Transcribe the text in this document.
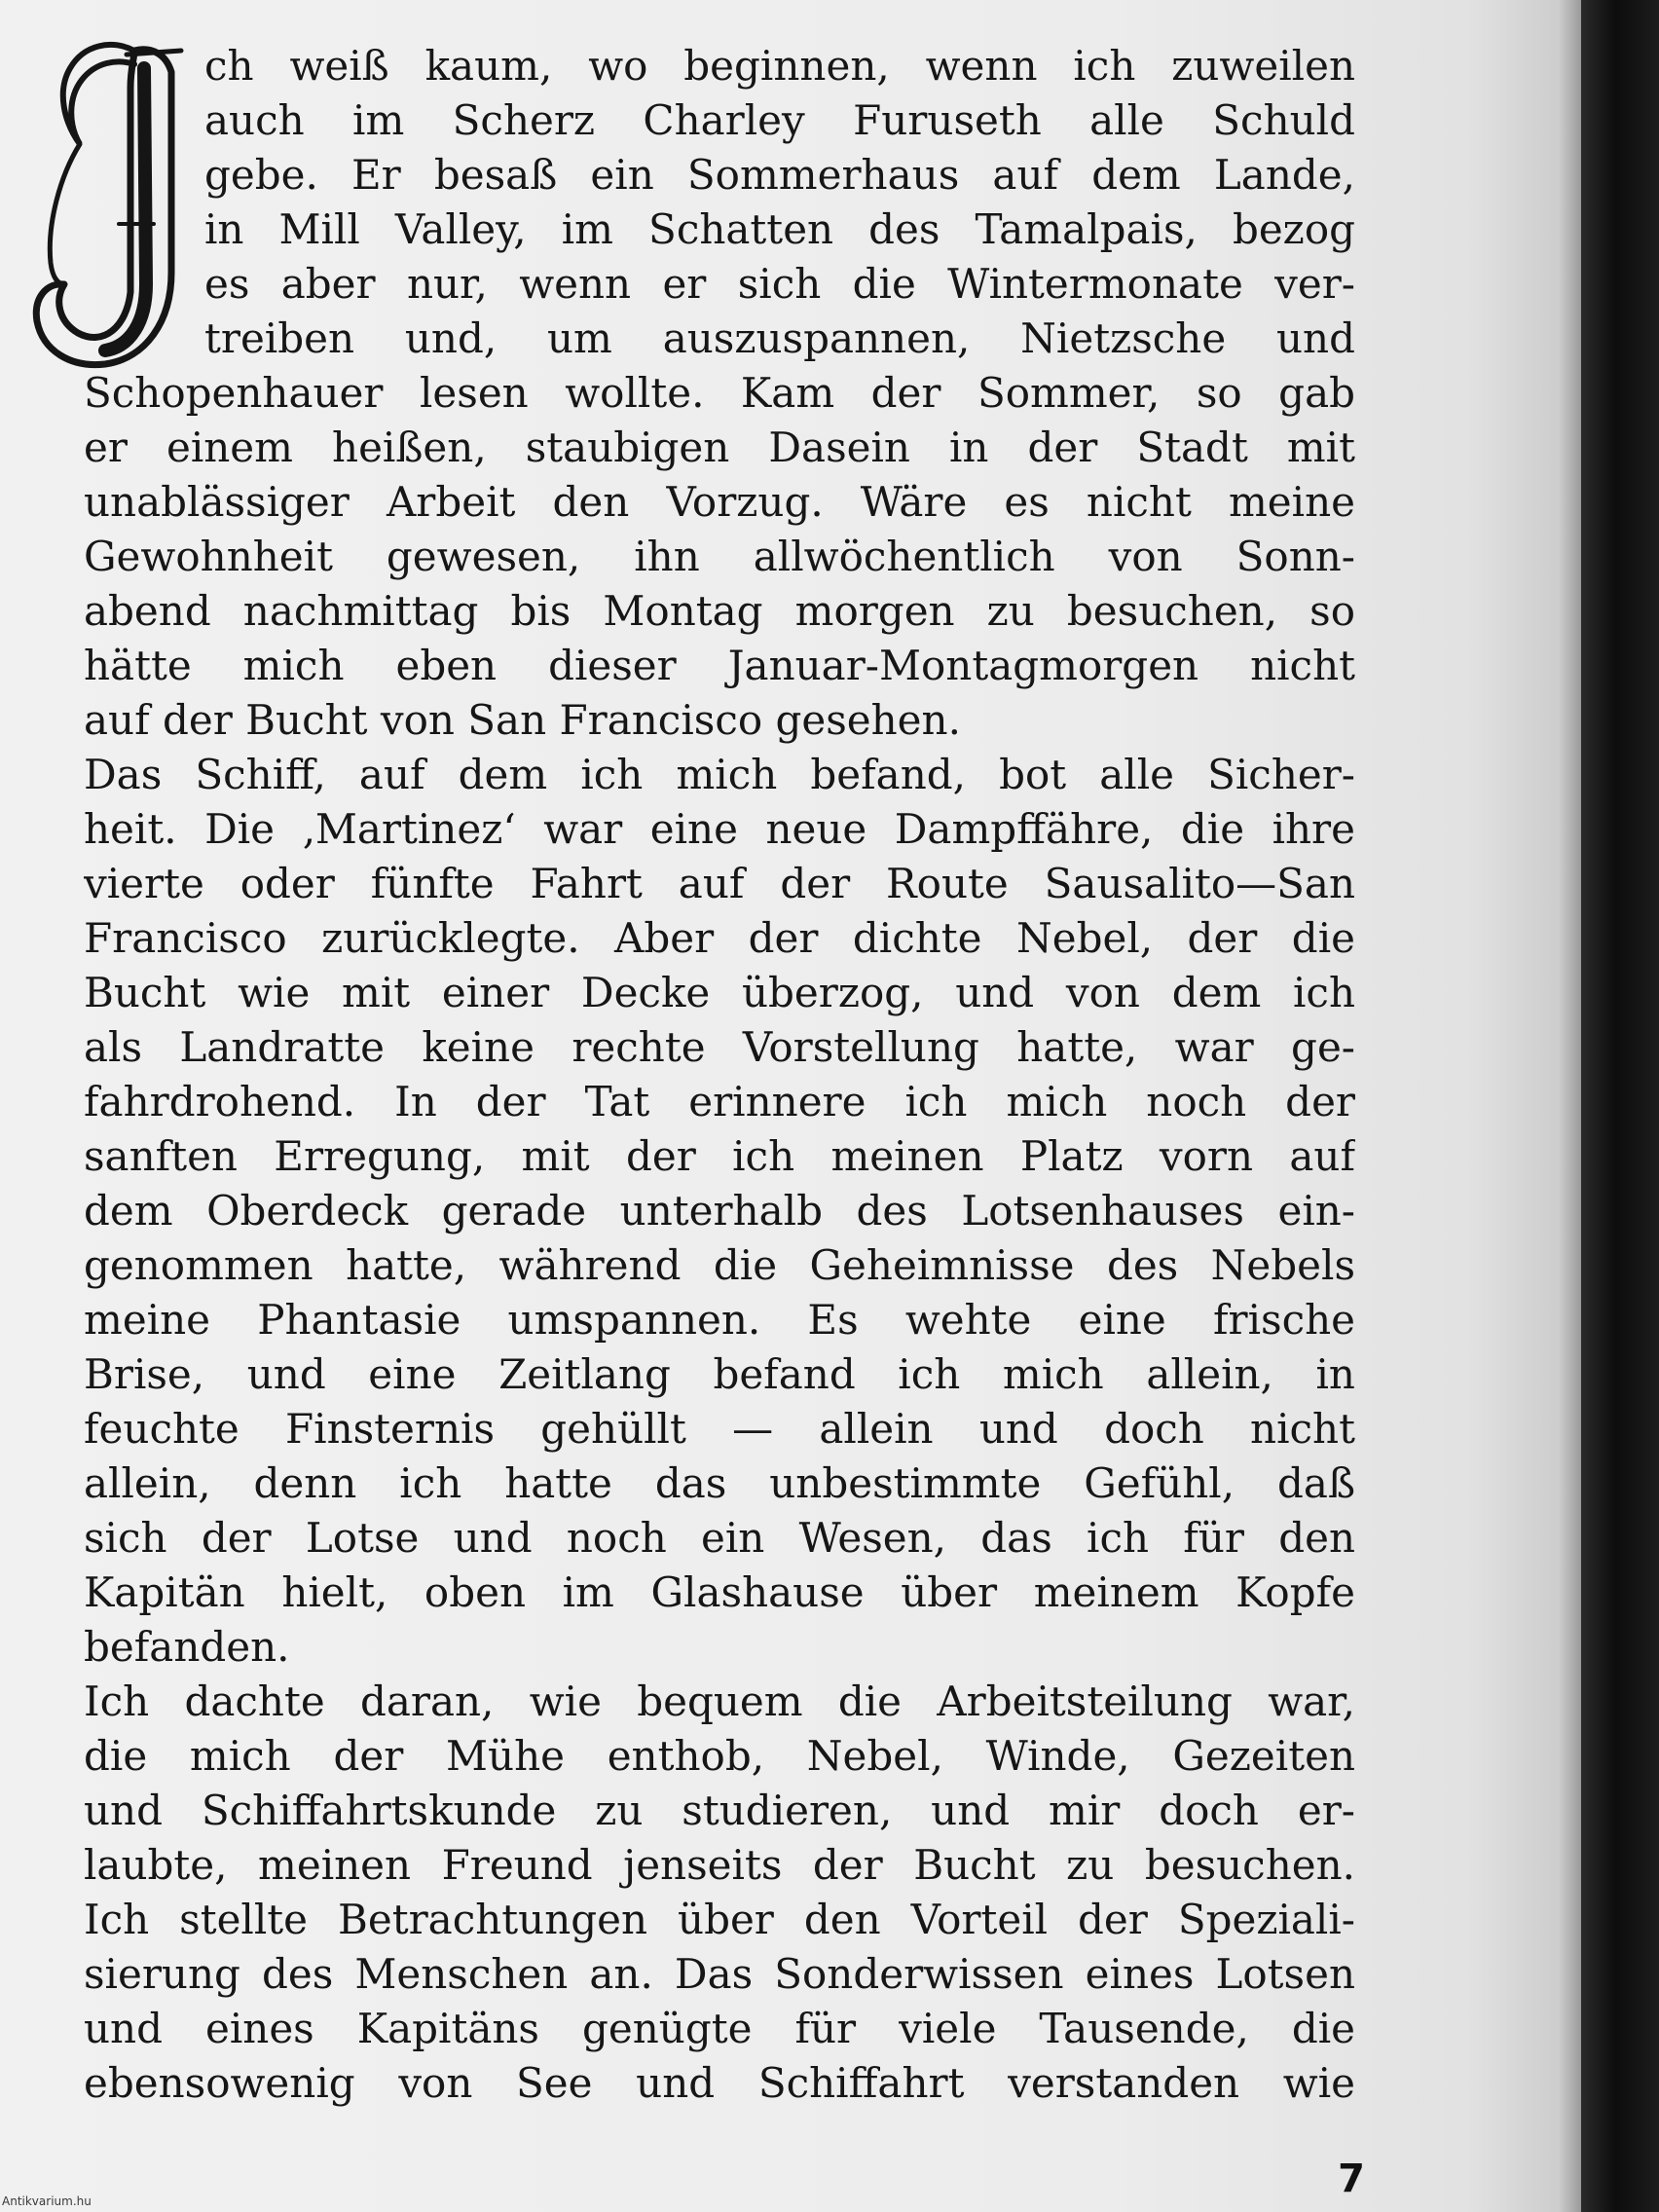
ch weiß kaum, wo beginnen, wenn ich zuweilen
auch im Scherz Charley Furuseth alle Schuld
gebe. Er besaß ein Sommerhaus auf dem Lande,
in Mill Valley, im Schatten des Tamalpais, bezog
es aber nur, wenn er sich die Wintermonate ver-
treiben und, um auszuspannen, Nietzsche und
Schopenhauer lesen wollte. Kam der Sommer, so gab
er einem heißen, staubigen Dasein in der Stadt mit
unablässiger Arbeit den Vorzug. Wäre es nicht meine
Gewohnheit gewesen, ihn allwöchentlich von Sonn-
abend nachmittag bis Montag morgen zu besuchen, so
hätte mich eben dieser Januar-Montagmorgen nicht
auf der Bucht von San Francisco gesehen.
Das Schiff, auf dem ich mich befand, bot alle Sicher-
heit. Die ‚Martinez‘ war eine neue Dampffähre, die ihre
vierte oder fünfte Fahrt auf der Route Sausalito—San
Francisco zurücklegte. Aber der dichte Nebel, der die
Bucht wie mit einer Decke überzog, und von dem ich
als Landratte keine rechte Vorstellung hatte, war ge-
fahrdrohend. In der Tat erinnere ich mich noch der
sanften Erregung, mit der ich meinen Platz vorn auf
dem Oberdeck gerade unterhalb des Lotsenhauses ein-
genommen hatte, während die Geheimnisse des Nebels
meine Phantasie umspannen. Es wehte eine frische
Brise, und eine Zeitlang befand ich mich allein, in
feuchte Finsternis gehüllt — allein und doch nicht
allein, denn ich hatte das unbestimmte Gefühl, daß
sich der Lotse und noch ein Wesen, das ich für den
Kapitän hielt, oben im Glashause über meinem Kopfe
befanden.
Ich dachte daran, wie bequem die Arbeitsteilung war,
die mich der Mühe enthob, Nebel, Winde, Gezeiten
und Schiffahrtskunde zu studieren, und mir doch er-
laubte, meinen Freund jenseits der Bucht zu besuchen.
Ich stellte Betrachtungen über den Vorteil der Speziali-
sierung des Menschen an. Das Sonderwissen eines Lotsen
und eines Kapitäns genügte für viele Tausende, die
ebensowenig von See und Schiffahrt verstanden wie
7
Antikvarium.hu
